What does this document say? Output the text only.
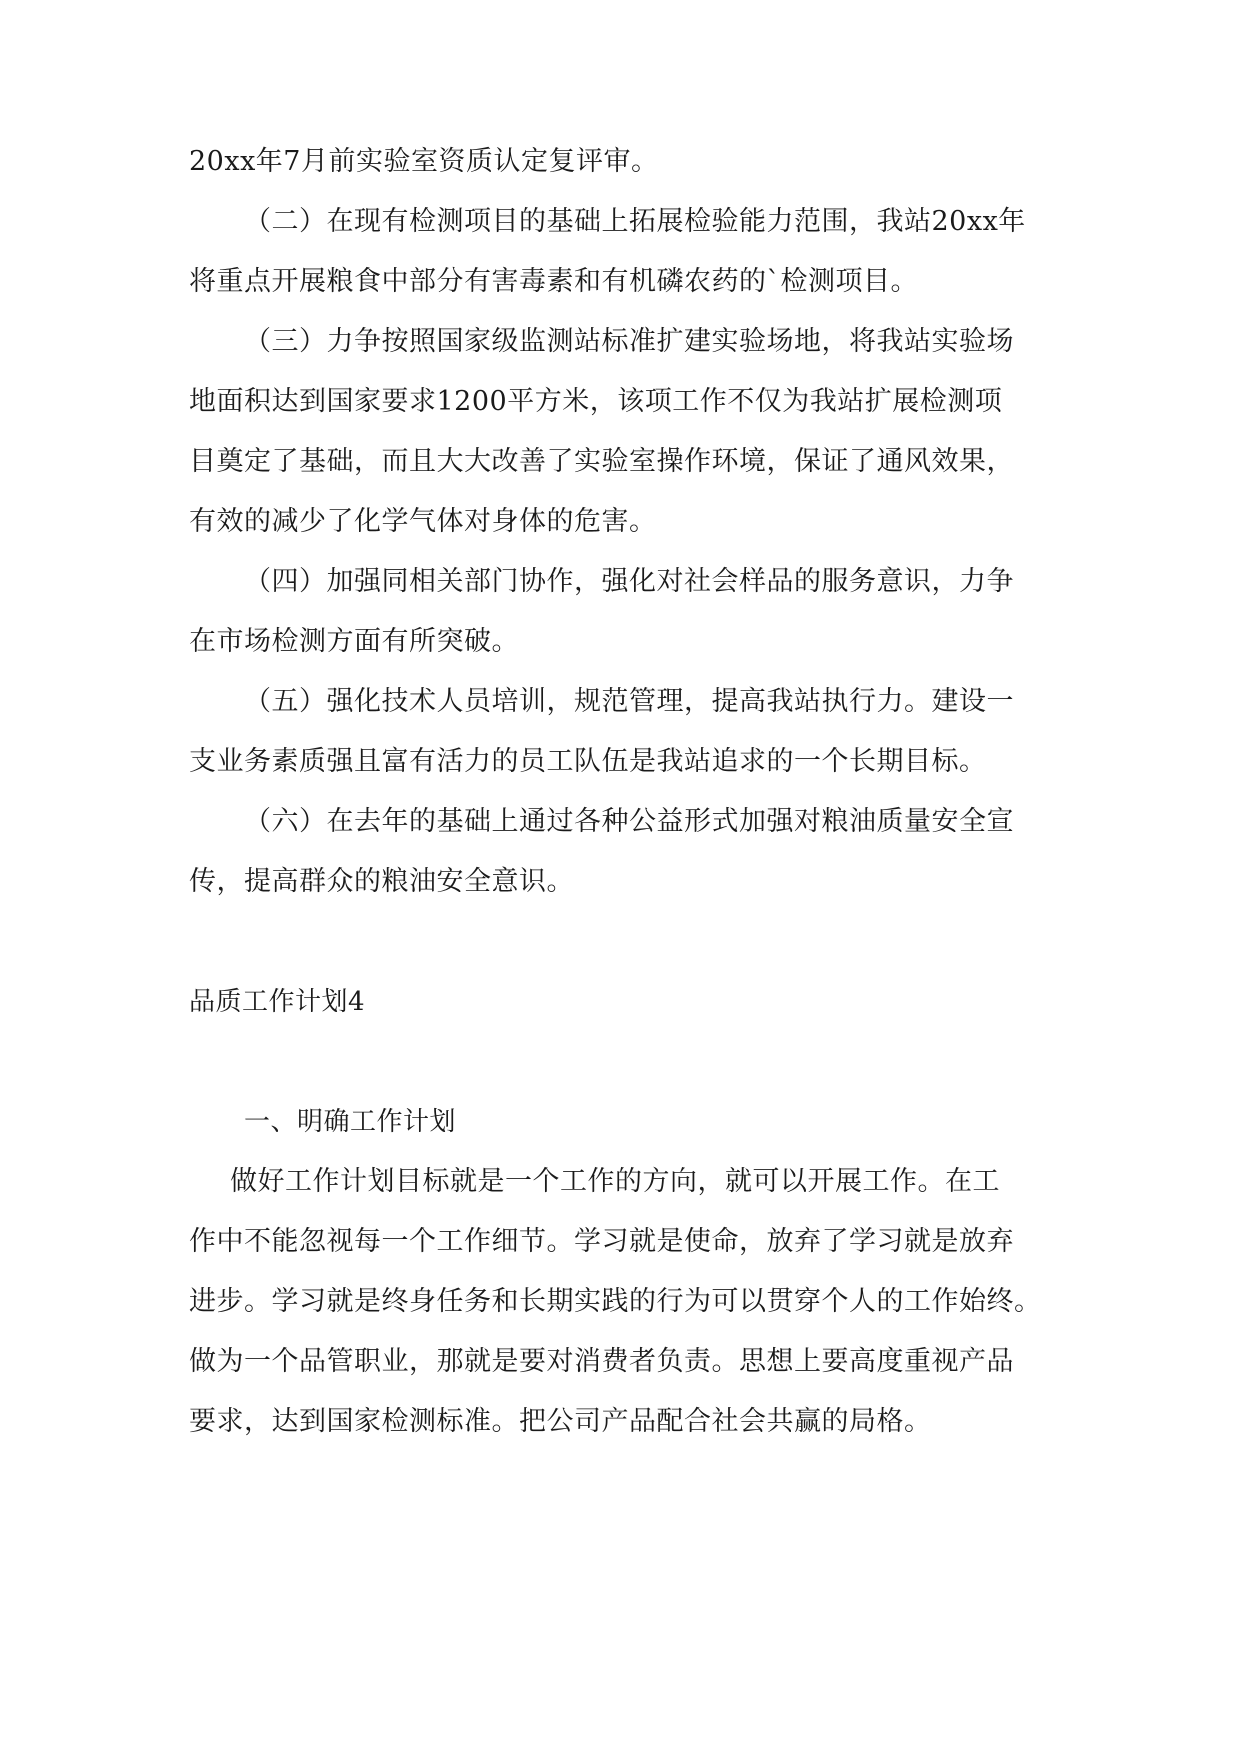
20xx年7月前实验室资质认定复评审。

（二）在现有检测项目的基础上拓展检验能力范围，我站20xx年

将重点开展粮食中部分有害毒素和有机磷农药的`检测项目。

（三）力争按照国家级监测站标准扩建实验场地，将我站实验场

地面积达到国家要求1200平方米，该项工作不仅为我站扩展检测项

目奠定了基础，而且大大改善了实验室操作环境，保证了通风效果，

有效的减少了化学气体对身体的危害。

（四）加强同相关部门协作，强化对社会样品的服务意识，力争

在市场检测方面有所突破。

（五）强化技术人员培训，规范管理，提高我站执行力。建设一

支业务素质强且富有活力的员工队伍是我站追求的一个长期目标。

（六）在去年的基础上通过各种公益形式加强对粮油质量安全宣

传，提高群众的粮油安全意识。

品质工作计划4

一、明确工作计划

做好工作计划目标就是一个工作的方向，就可以开展工作。在工

作中不能忽视每一个工作细节。学习就是使命，放弃了学习就是放弃

进步。学习就是终身任务和长期实践的行为可以贯穿个人的工作始终。

做为一个品管职业，那就是要对消费者负责。思想上要高度重视产品

要求，达到国家检测标准。把公司产品配合社会共赢的局格。
